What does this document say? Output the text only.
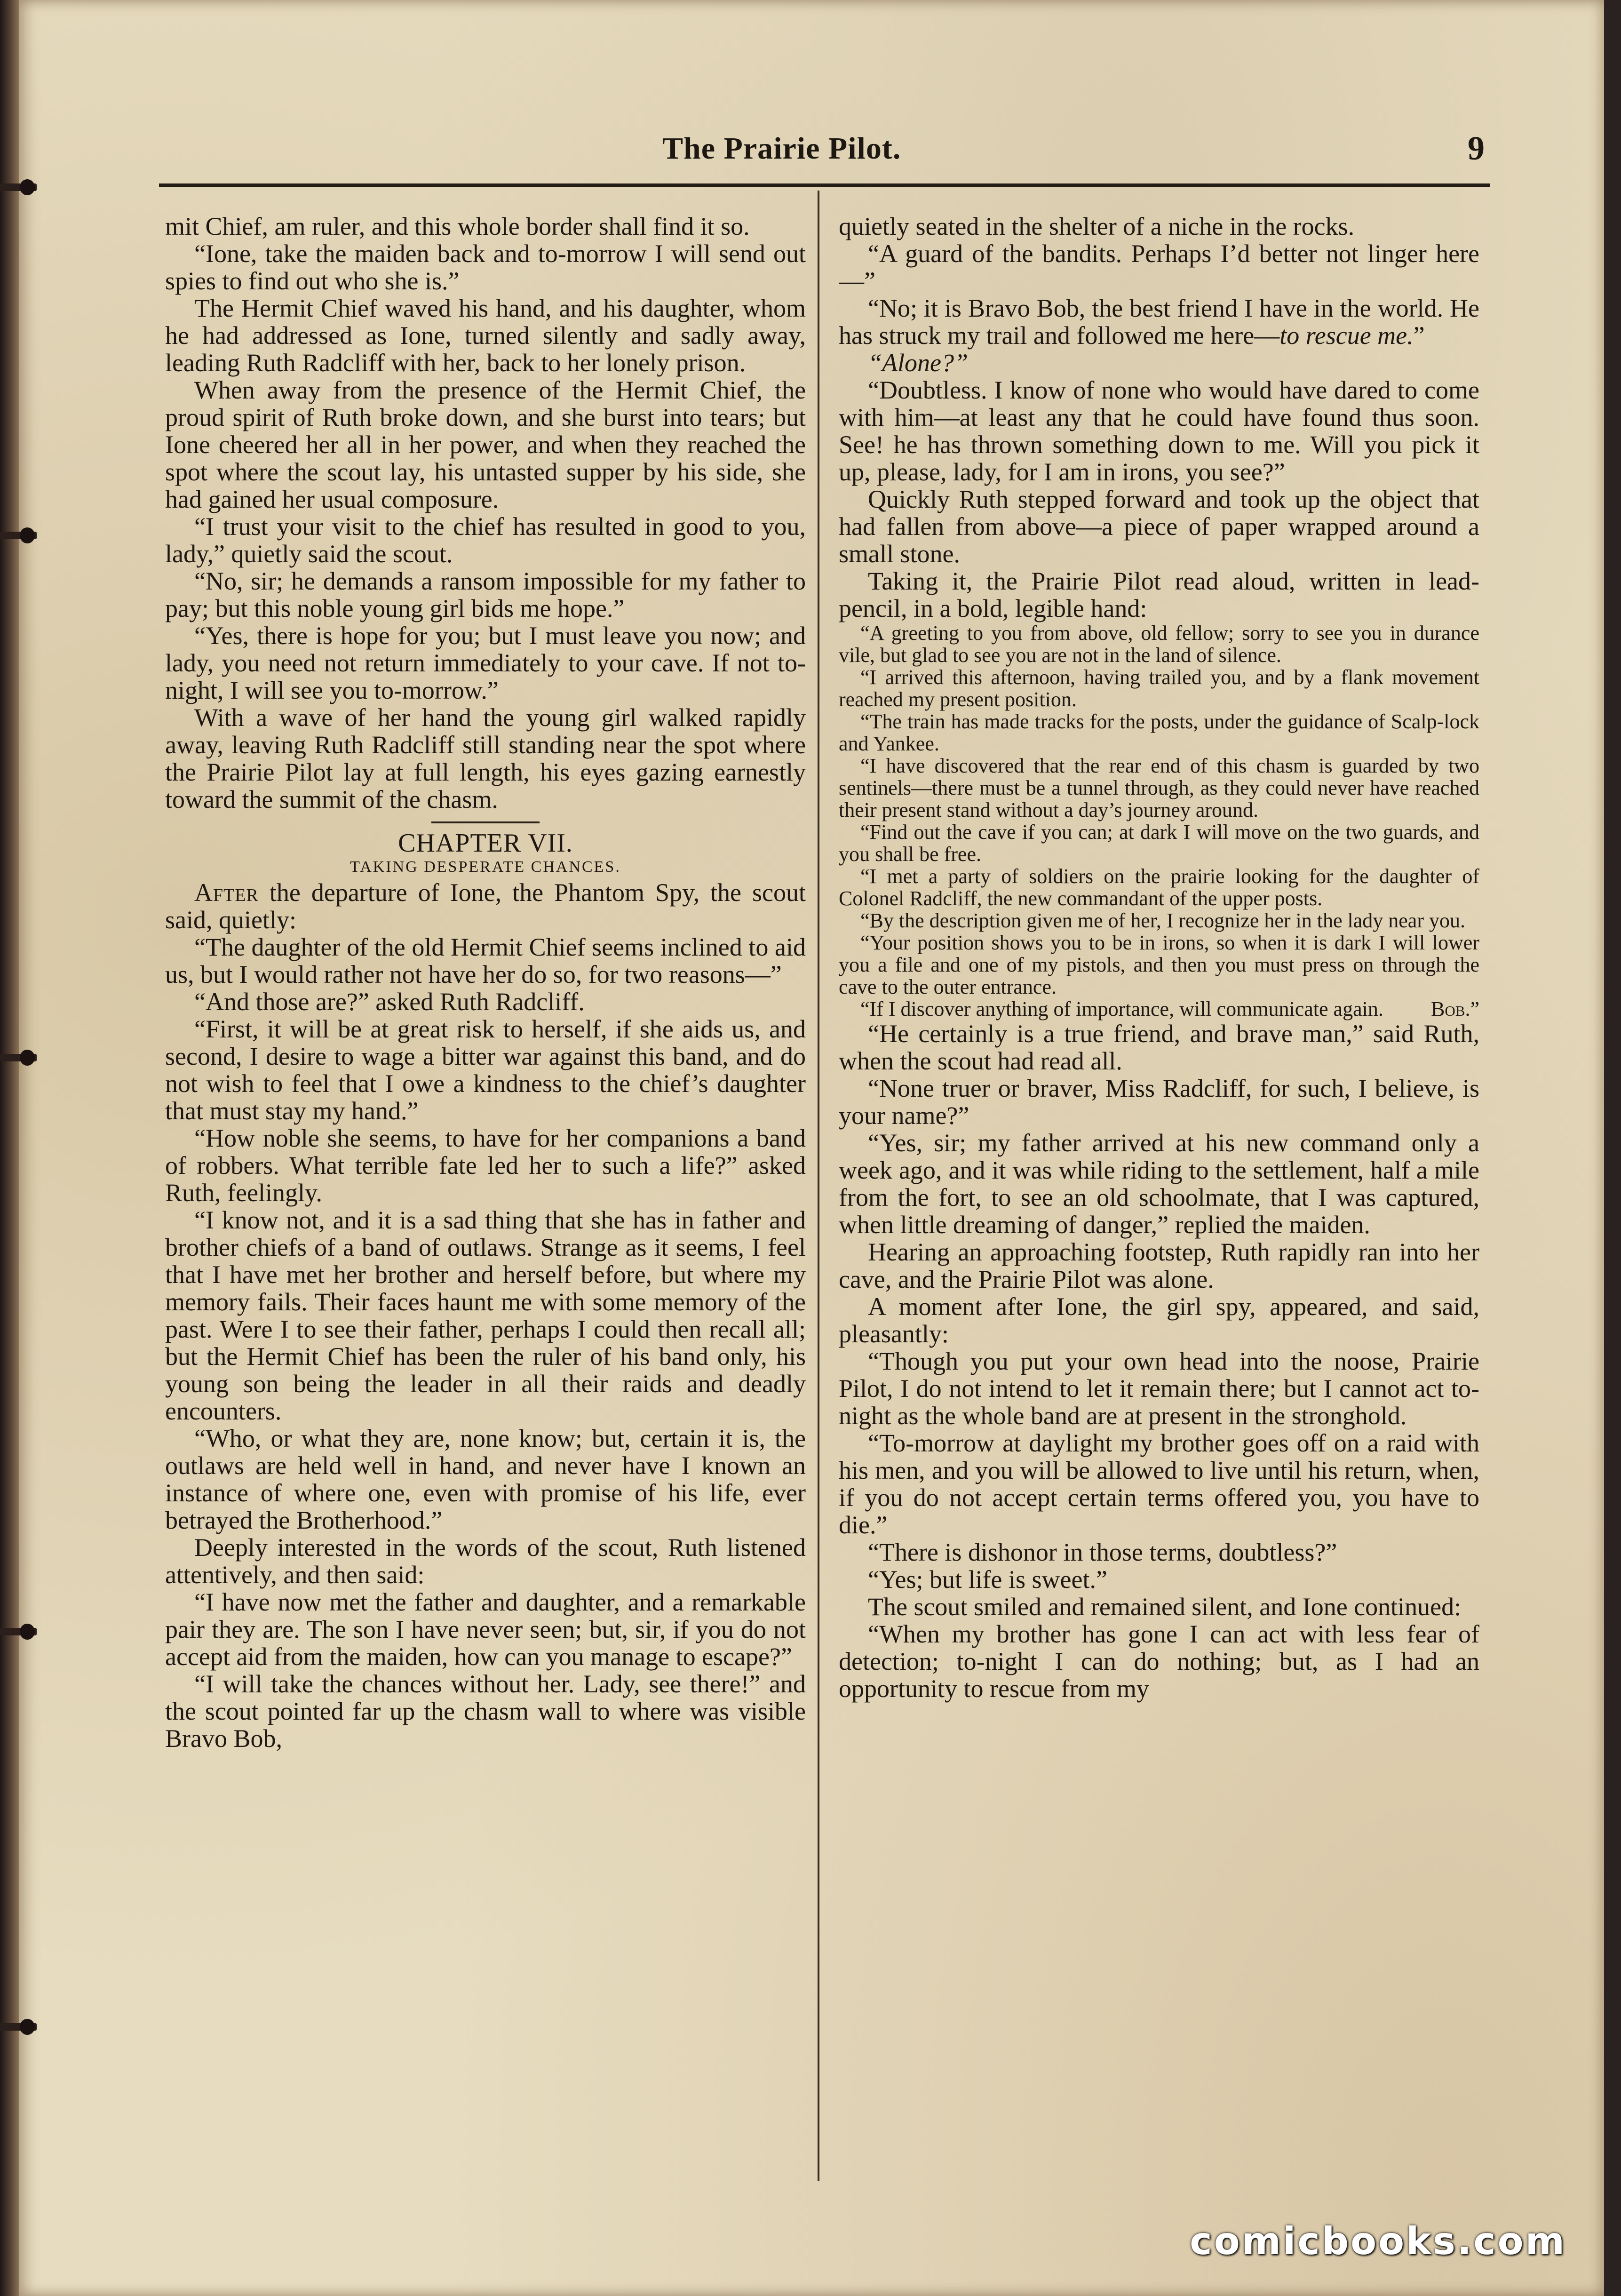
The Prairie Pilot.	9

mit Chief, am ruler, and this whole border shall find it so.

“Ione, take the maiden back and to-morrow I will send out spies to find out who she is.”

The Hermit Chief waved his hand, and his daughter, whom he had addressed as Ione, turned silently and sadly away, leading Ruth Radcliff with her, back to her lonely prison.

When away from the presence of the Hermit Chief, the proud spirit of Ruth broke down, and she burst into tears; but Ione cheered her all in her power, and when they reached the spot where the scout lay, his untasted supper by his side, she had gained her usual composure.

“I trust your visit to the chief has resulted in good to you, lady,” quietly said the scout.

“No, sir; he demands a ransom impossible for my father to pay; but this noble young girl bids me hope.”

“Yes, there is hope for you; but I must leave you now; and lady, you need not return immediately to your cave. If not to-night, I will see you to-morrow.”

With a wave of her hand the young girl walked rapidly away, leaving Ruth Radcliff still standing near the spot where the Prairie Pilot lay at full length, his eyes gazing earnestly toward the summit of the chasm.

CHAPTER VII.
TAKING DESPERATE CHANCES.

After the departure of Ione, the Phantom Spy, the scout said, quietly:

“The daughter of the old Hermit Chief seems inclined to aid us, but I would rather not have her do so, for two reasons—”

“And those are?” asked Ruth Radcliff.

“First, it will be at great risk to herself, if she aids us, and second, I desire to wage a bitter war against this band, and do not wish to feel that I owe a kindness to the chief’s daughter that must stay my hand.”

“How noble she seems, to have for her companions a band of robbers. What terrible fate led her to such a life?” asked Ruth, feelingly.

“I know not, and it is a sad thing that she has in father and brother chiefs of a band of outlaws. Strange as it seems, I feel that I have met her brother and herself before, but where my memory fails. Their faces haunt me with some memory of the past. Were I to see their father, perhaps I could then recall all; but the Hermit Chief has been the ruler of his band only, his young son being the leader in all their raids and deadly encounters.

“Who, or what they are, none know; but, certain it is, the outlaws are held well in hand, and never have I known an instance of where one, even with promise of his life, ever betrayed the Brotherhood.”

Deeply interested in the words of the scout, Ruth listened attentively, and then said:

“I have now met the father and daughter, and a remarkable pair they are. The son I have never seen; but, sir, if you do not accept aid from the maiden, how can you manage to escape?”

“I will take the chances without her. Lady, see there!” and the scout pointed far up the chasm wall to where was visible Bravo Bob,

quietly seated in the shelter of a niche in the rocks.

“A guard of the bandits. Perhaps I’d better not linger here—”

“No; it is Bravo Bob, the best friend I have in the world. He has struck my trail and followed me here—to rescue me.”

“Alone?”

“Doubtless. I know of none who would have dared to come with him—at least any that he could have found thus soon. See! he has thrown something down to me. Will you pick it up, please, lady, for I am in irons, you see?”

Quickly Ruth stepped forward and took up the object that had fallen from above—a piece of paper wrapped around a small stone.

Taking it, the Prairie Pilot read aloud, written in lead-pencil, in a bold, legible hand:

“A greeting to you from above, old fellow; sorry to see you in durance vile, but glad to see you are not in the land of silence.

“I arrived this afternoon, having trailed you, and by a flank movement reached my present position.

“The train has made tracks for the posts, under the guidance of Scalp-lock and Yankee.

“I have discovered that the rear end of this chasm is guarded by two sentinels—there must be a tunnel through, as they could never have reached their present stand without a day’s journey around.

“Find out the cave if you can; at dark I will move on the two guards, and you shall be free.

“I met a party of soldiers on the prairie looking for the daughter of Colonel Radcliff, the new commandant of the upper posts.

“By the description given me of her, I recognize her in the lady near you.

“Your position shows you to be in irons, so when it is dark I will lower you a file and one of my pistols, and then you must press on through the cave to the outer entrance.

“If I discover anything of importance, will communicate again.	Bob.”

“He certainly is a true friend, and brave man,” said Ruth, when the scout had read all.

“None truer or braver, Miss Radcliff, for such, I believe, is your name?”

“Yes, sir; my father arrived at his new command only a week ago, and it was while riding to the settlement, half a mile from the fort, to see an old schoolmate, that I was captured, when little dreaming of danger,” replied the maiden.

Hearing an approaching footstep, Ruth rapidly ran into her cave, and the Prairie Pilot was alone.

A moment after Ione, the girl spy, appeared, and said, pleasantly:

“Though you put your own head into the noose, Prairie Pilot, I do not intend to let it remain there; but I cannot act to-night as the whole band are at present in the stronghold.

“To-morrow at daylight my brother goes off on a raid with his men, and you will be allowed to live until his return, when, if you do not accept certain terms offered you, you have to die.”

“There is dishonor in those terms, doubtless?”

“Yes; but life is sweet.”

The scout smiled and remained silent, and Ione continued:

“When my brother has gone I can act with less fear of detection; to-night I can do nothing; but, as I had an opportunity to rescue from my

comicbooks.com
